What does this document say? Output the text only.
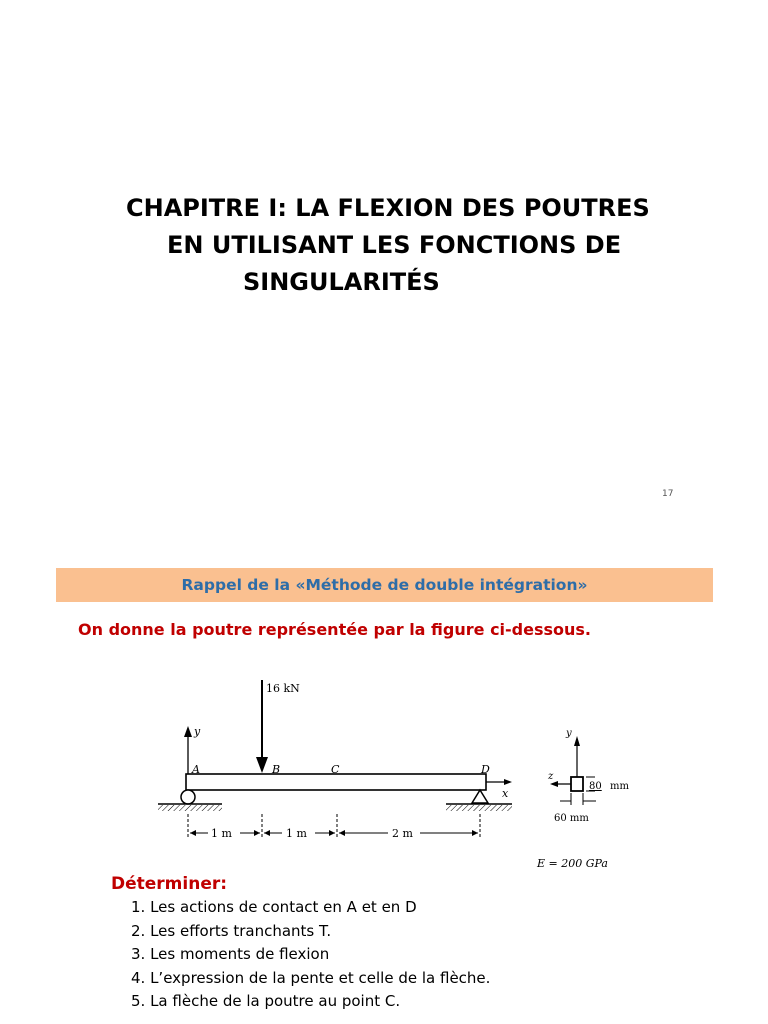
CHAPITRE I: LA FLEXION DES POUTRES
EN UTILISANT LES FONCTIONS DE
SINGULARITÉS
17
Rappel de la «Méthode de double intégration»
On donne la poutre représentée par la figure ci-dessous.
y
16 kN
A	B	C	D
x
1 m	1 m	2 m
y
z
80 mm
60 mm
E = 200 GPa
Déterminer:
1. Les actions de contact en A et en D
2. Les efforts tranchants T.
3. Les moments de flexion
4. L’expression de la pente et celle de la flèche.
5. La flèche de la poutre au point C.
